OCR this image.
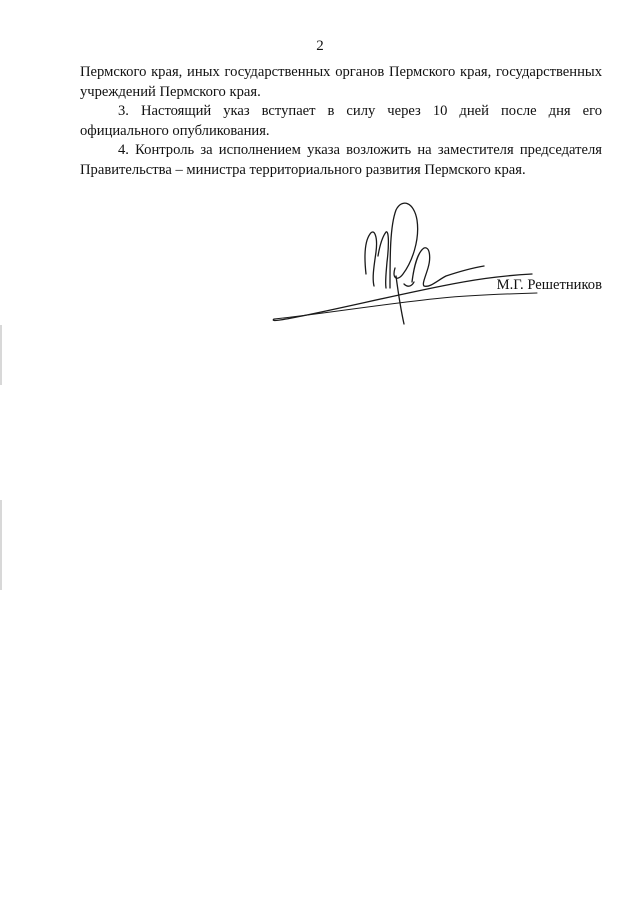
2

Пермского края, иных государственных органов Пермского края, государственных учреждений Пермского края.

3. Настоящий указ вступает в силу через 10 дней после дня его официального опубликования.

4. Контроль за исполнением указа возложить на заместителя председателя Правительства – министра территориального развития Пермского края.

М.Г. Решетников
